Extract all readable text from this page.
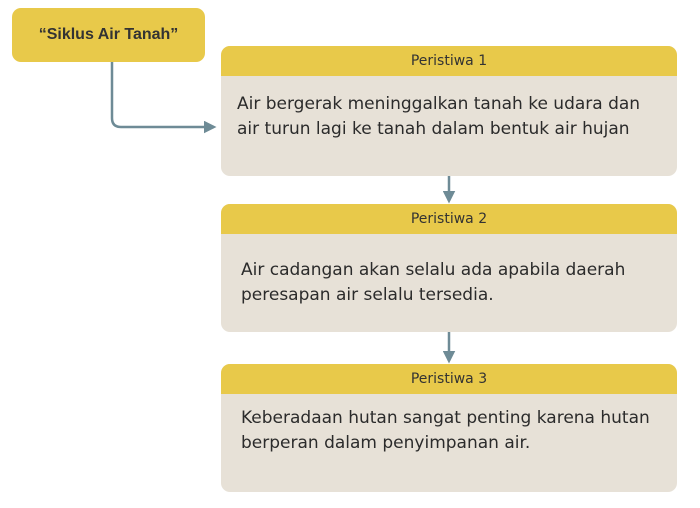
“Siklus Air Tanah”
Peristiwa 1
Air bergerak meninggalkan tanah ke udara dan air turun lagi ke tanah dalam bentuk air hujan
Peristiwa 2
Air cadangan akan selalu ada apabila daerah peresapan air selalu tersedia.
Peristiwa 3
Keberadaan hutan sangat penting karena hutan berperan dalam penyimpanan air.
